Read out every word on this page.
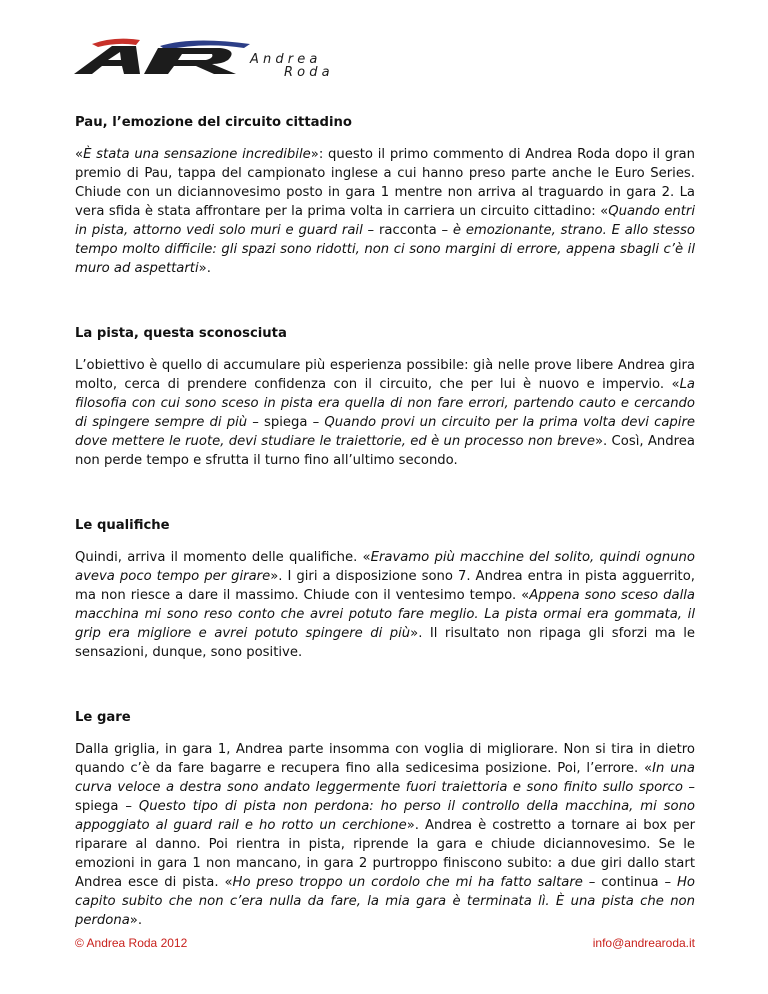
A n d r e a
R o d a
Pau, l’emozione del circuito cittadino

«È stata una sensazione incredibile»: questo il primo commento di Andrea Roda dopo il gran premio di Pau, tappa del campionato inglese a cui hanno preso parte anche le Euro Series. Chiude con un diciannovesimo posto in gara 1 mentre non arriva al traguardo in gara 2. La vera sfida è stata affrontare per la prima volta in carriera un circuito cittadino: «Quando entri in pista, attorno vedi solo muri e guard rail – racconta – è emozionante, strano. E allo stesso tempo molto difficile: gli spazi sono ridotti, non ci sono margini di errore, appena sbagli c’è il muro ad aspettarti».

La pista, questa sconosciuta

L’obiettivo è quello di accumulare più esperienza possibile: già nelle prove libere Andrea gira molto, cerca di prendere confidenza con il circuito, che per lui è nuovo e impervio. «La filosofia con cui sono sceso in pista era quella di non fare errori, partendo cauto e cercando di spingere sempre di più – spiega – Quando provi un circuito per la prima volta devi capire dove mettere le ruote, devi studiare le traiettorie, ed è un processo non breve». Così, Andrea non perde tempo e sfrutta il turno fino all’ultimo secondo.

Le qualifiche

Quindi, arriva il momento delle qualifiche. «Eravamo più macchine del solito, quindi ognuno aveva poco tempo per girare». I giri a disposizione sono 7. Andrea entra in pista agguerrito, ma non riesce a dare il massimo. Chiude con il ventesimo tempo. «Appena sono sceso dalla macchina mi sono reso conto che avrei potuto fare meglio. La pista ormai era gommata, il grip era migliore e avrei potuto spingere di più». Il risultato non ripaga gli sforzi ma le sensazioni, dunque, sono positive.

Le gare

Dalla griglia, in gara 1, Andrea parte insomma con voglia di migliorare. Non si tira in dietro quando c’è da fare bagarre e recupera fino alla sedicesima posizione. Poi, l’errore. «In una curva veloce a destra sono andato leggermente fuori traiettoria e sono finito sullo sporco – spiega – Questo tipo di pista non perdona: ho perso il controllo della macchina, mi sono appoggiato al guard rail e ho rotto un cerchione». Andrea è costretto a tornare ai box per riparare al danno. Poi rientra in pista, riprende la gara e chiude diciannovesimo. Se le emozioni in gara 1 non mancano, in gara 2 purtroppo finiscono subito: a due giri dallo start Andrea esce di pista. «Ho preso troppo un cordolo che mi ha fatto saltare – continua – Ho capito subito che non c’era nulla da fare, la mia gara è terminata lì. È una pista che non perdona».

© Andrea Roda 2012	info@andrearoda.it
